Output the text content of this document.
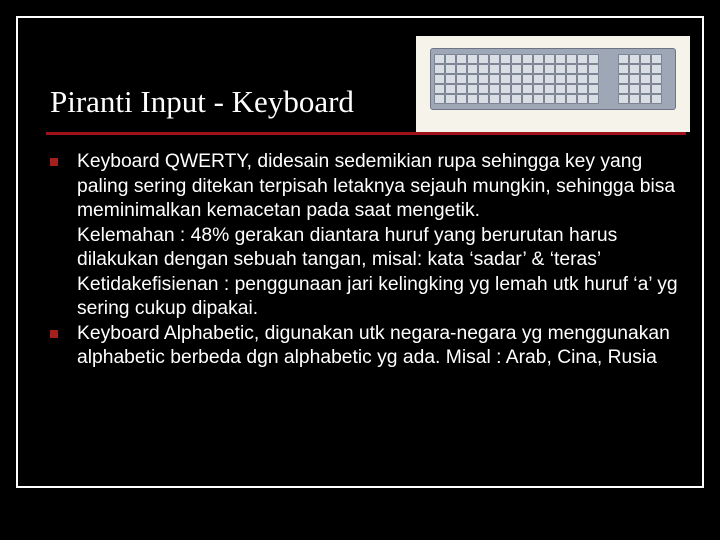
Piranti Input - Keyboard
Keyboard QWERTY, didesain sedemikian rupa sehingga key yang paling sering ditekan terpisah letaknya sejauh mungkin, sehingga bisa meminimalkan kemacetan pada saat mengetik.
Kelemahan : 48% gerakan diantara huruf yang berurutan harus dilakukan dengan sebuah tangan, misal: kata ‘sadar’ & ‘teras’
Ketidakefisienan : penggunaan jari kelingking yg lemah utk huruf ‘a’ yg sering cukup dipakai.
Keyboard Alphabetic, digunakan utk negara-negara yg menggunakan alphabetic berbeda dgn alphabetic yg ada. Misal : Arab, Cina, Rusia
